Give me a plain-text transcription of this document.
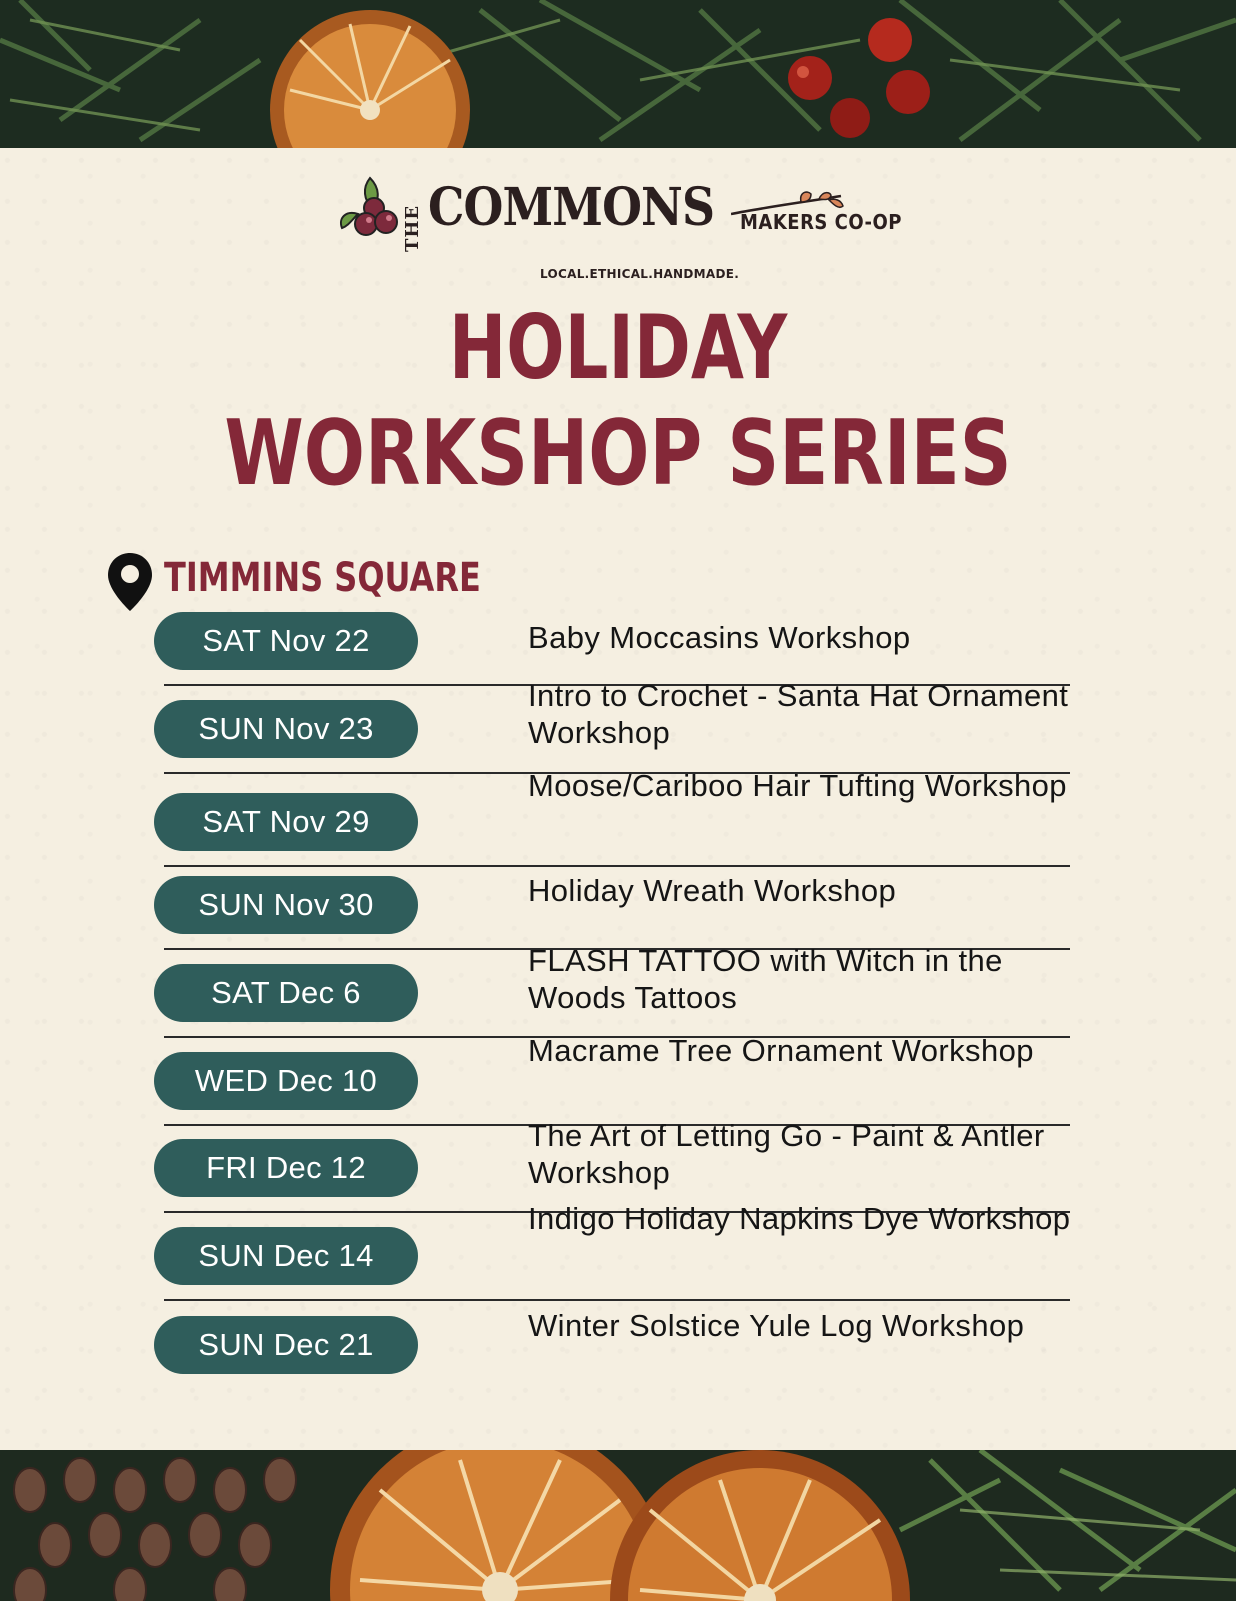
THE COMMONS MAKERS CO-OP
LOCAL.ETHICAL.HANDMADE.
HOLIDAY
WORKSHOP SERIES
TIMMINS SQUARE
SAT Nov 22	Baby Moccasins Workshop
SUN Nov 23
Intro to Crochet - Santa Hat Ornament Workshop
SAT Nov 29
Moose/Cariboo Hair Tufting Workshop
SUN Nov 30	Holiday Wreath Workshop
SAT Dec 6
FLASH TATTOO with Witch in the Woods Tattoos
WED Dec 10
Macrame Tree Ornament Workshop
FRI Dec 12
The Art of Letting Go - Paint & Antler Workshop
SUN Dec 14
Indigo Holiday Napkins Dye Workshop
SUN Dec 21
Winter Solstice Yule Log Workshop
